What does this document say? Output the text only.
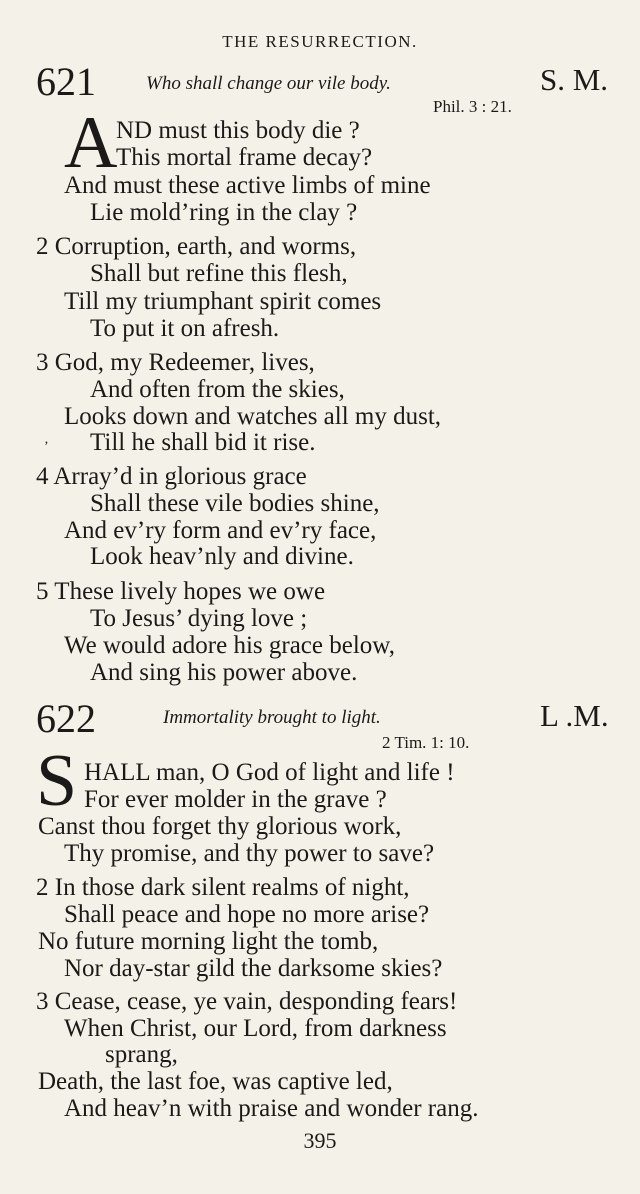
THE RESURRECTION.
621	Who shall change our vile body.	S. M.
Phil. 3 : 21.
A
ND must this body die ?
This mortal frame decay?
And must these active limbs of mine
Lie mold’ring in the clay ?
2 Corruption, earth, and worms,
Shall but refine this flesh,
Till my triumphant spirit comes
To put it on afresh.
3 God, my Redeemer, lives,
And often from the skies,
Looks down and watches all my dust,
‚ Till he shall bid it rise.
4 Array’d in glorious grace
Shall these vile bodies shine,
And ev’ry form and ev’ry face,
Look heav’nly and divine.
5 These lively hopes we owe
To Jesus’ dying love ;
We would adore his grace below,
And sing his power above.
622	Immortality brought to light.	L .M.
2 Tim. 1: 10.
S HALL man, O God of light and life !
For ever molder in the grave ?
Canst thou forget thy glorious work,
Thy promise, and thy power to save?
2 In those dark silent realms of night,
Shall peace and hope no more arise?
No future morning light the tomb,
Nor day-star gild the darksome skies?
3 Cease, cease, ye vain, desponding fears!
When Christ, our Lord, from darkness
sprang,
Death, the last foe, was captive led,
And heav’n with praise and wonder rang.
395
